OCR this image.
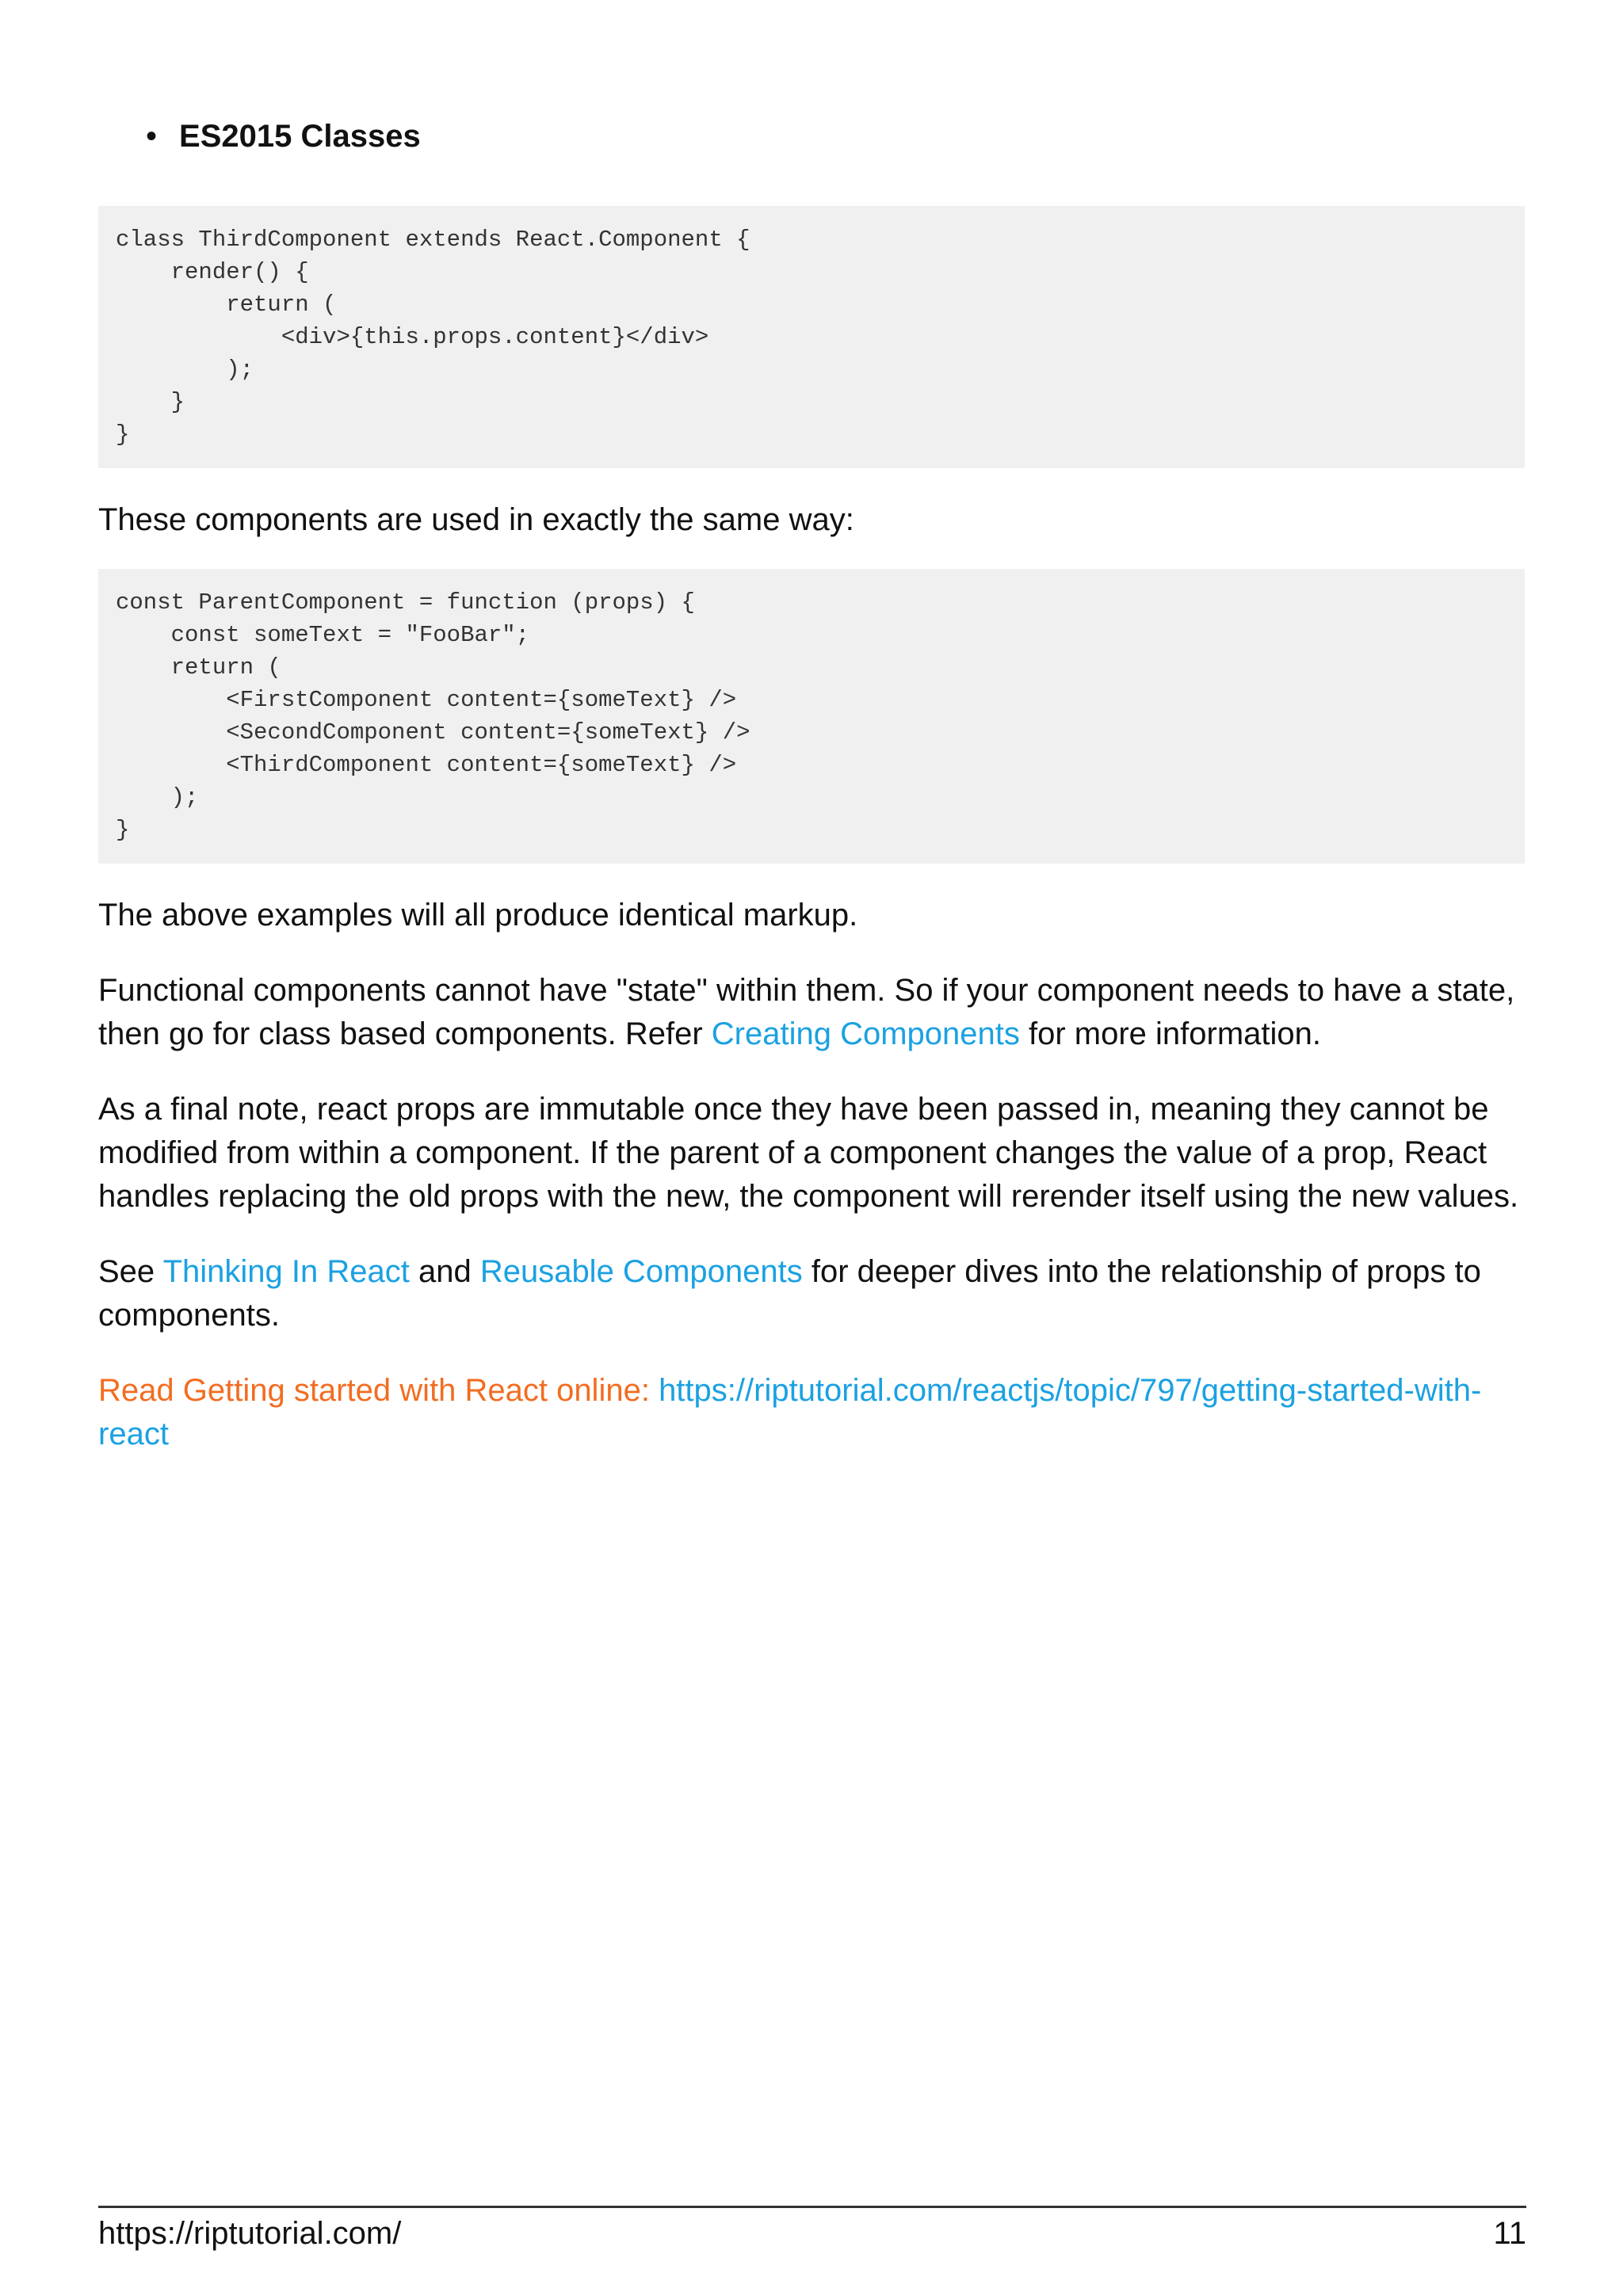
• ES2015 Classes
class ThirdComponent extends React.Component {
render() {
return (
<div>{this.props.content}</div>
);
}
}

These components are used in exactly the same way:

const ParentComponent = function (props) {
const someText = "FooBar";
return (
<FirstComponent content={someText} />
<SecondComponent content={someText} />
<ThirdComponent content={someText} />
);
}

The above examples will all produce identical markup.

Functional components cannot have "state" within them. So if your component needs to have a state, then go for class based components. Refer Creating Components for more information.

As a final note, react props are immutable once they have been passed in, meaning they cannot be modified from within a component. If the parent of a component changes the value of a prop, React handles replacing the old props with the new, the component will rerender itself using the new values.

See Thinking In React and Reusable Components for deeper dives into the relationship of props to components.

Read Getting started with React online: https://riptutorial.com/reactjs/topic/797/getting-started-with-react

https://riptutorial.com/	11
